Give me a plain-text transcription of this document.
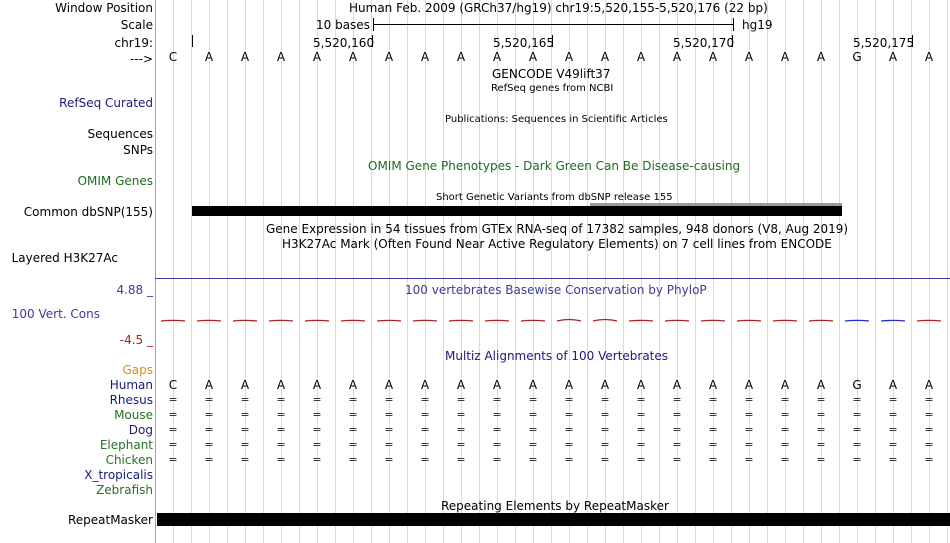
Window Position	Human Feb. 2009 (GRCh37/hg19) chr19:5,520,155-5,520,176 (22 bp)
Scale	10 bases	hg19
chr19:	5,520,160	5,520,165	5,520,170	5,520,175
---> C A A A A A A A A A A A A A A A A A A G A A
GENCODE V49lift37
RefSeq genes from NCBI
RefSeq Curated
Publications: Sequences in Scientific Articles
Sequences
SNPs
OMIM Gene Phenotypes - Dark Green Can Be Disease-causing
OMIM Genes
Short Genetic Variants from dbSNP release 155
Common dbSNP(155)
Gene Expression in 54 tissues from GTEx RNA-seq of 17382 samples, 948 donors (V8, Aug 2019)
H3K27Ac Mark (Often Found Near Active Regulatory Elements) on 7 cell lines from ENCODE
Layered H3K27Ac
4.88 _	100 vertebrates Basewise Conservation by PhyloP
100 Vert. Cons
-4.5 _
Multiz Alignments of 100 Vertebrates
Gaps
Human C A A A A A A A A A A A A A A A A A A G A A
Rhesus = = = = = = = = = = = = = = = = = = = = = =
Mouse = = = = = = = = = = = = = = = = = = = = = =
Dog = = = = = = = = = = = = = = = = = = = = = =
Elephant = = = = = = = = = = = = = = = = = = = = = =
Chicken = = = = = = = = = = = = = = = = = = = = = =
X_tropicalis
Zebrafish
Repeating Elements by RepeatMasker
RepeatMasker
